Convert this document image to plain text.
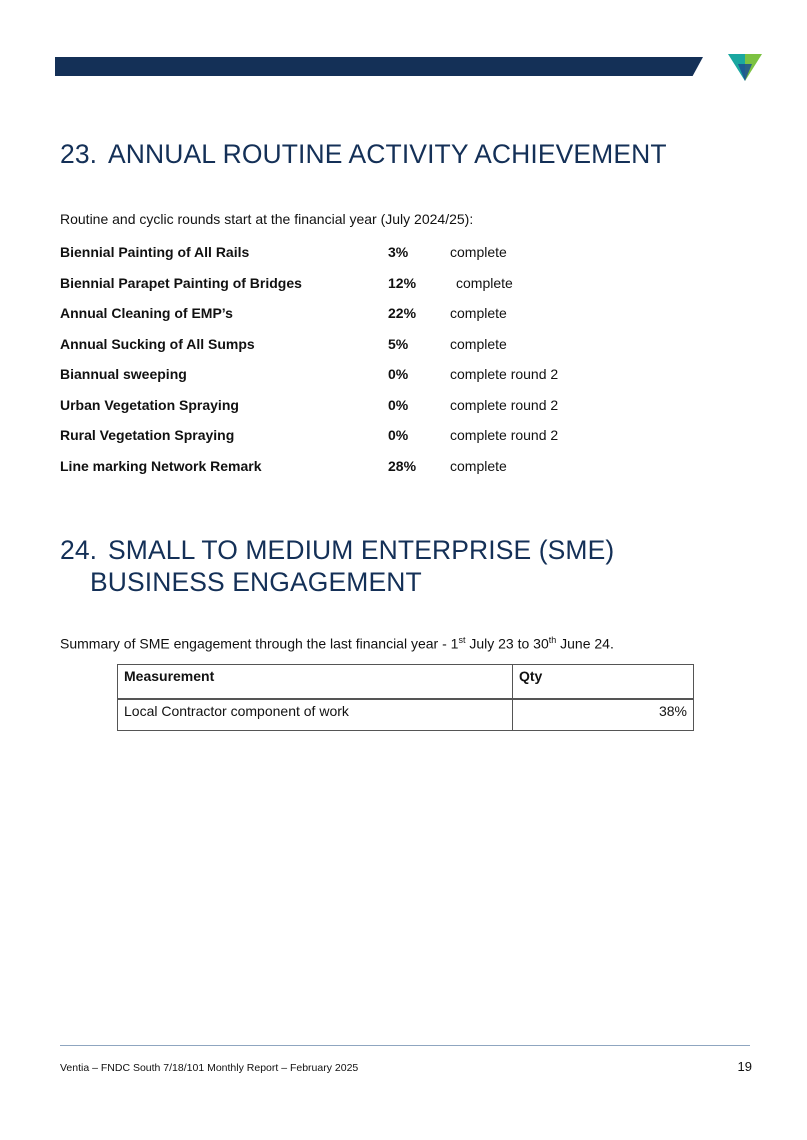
23. ANNUAL ROUTINE ACTIVITY ACHIEVEMENT

Routine and cyclic rounds start at the financial year (July 2024/25):

Biennial Painting of All Rails	3%	complete
Biennial Parapet Painting of Bridges	12%	complete
Annual Cleaning of EMP’s	22% complete
Annual Sucking of All Sumps	5%	complete
Biannual sweeping	0%	complete round 2
Urban Vegetation Spraying	0%	complete round 2
Rural Vegetation Spraying	0%	complete round 2
Line marking Network Remark	28% complete
24. SMALL TO MEDIUM ENTERPRISE (SME)
BUSINESS ENGAGEMENT

Summary of SME engagement through the last financial year - 1st July 23 to 30th June 24.

Measurement	Qty
Local Contractor component of work	38%
Ventia – FNDC South 7/18/101 Monthly Report – February 2025	19
